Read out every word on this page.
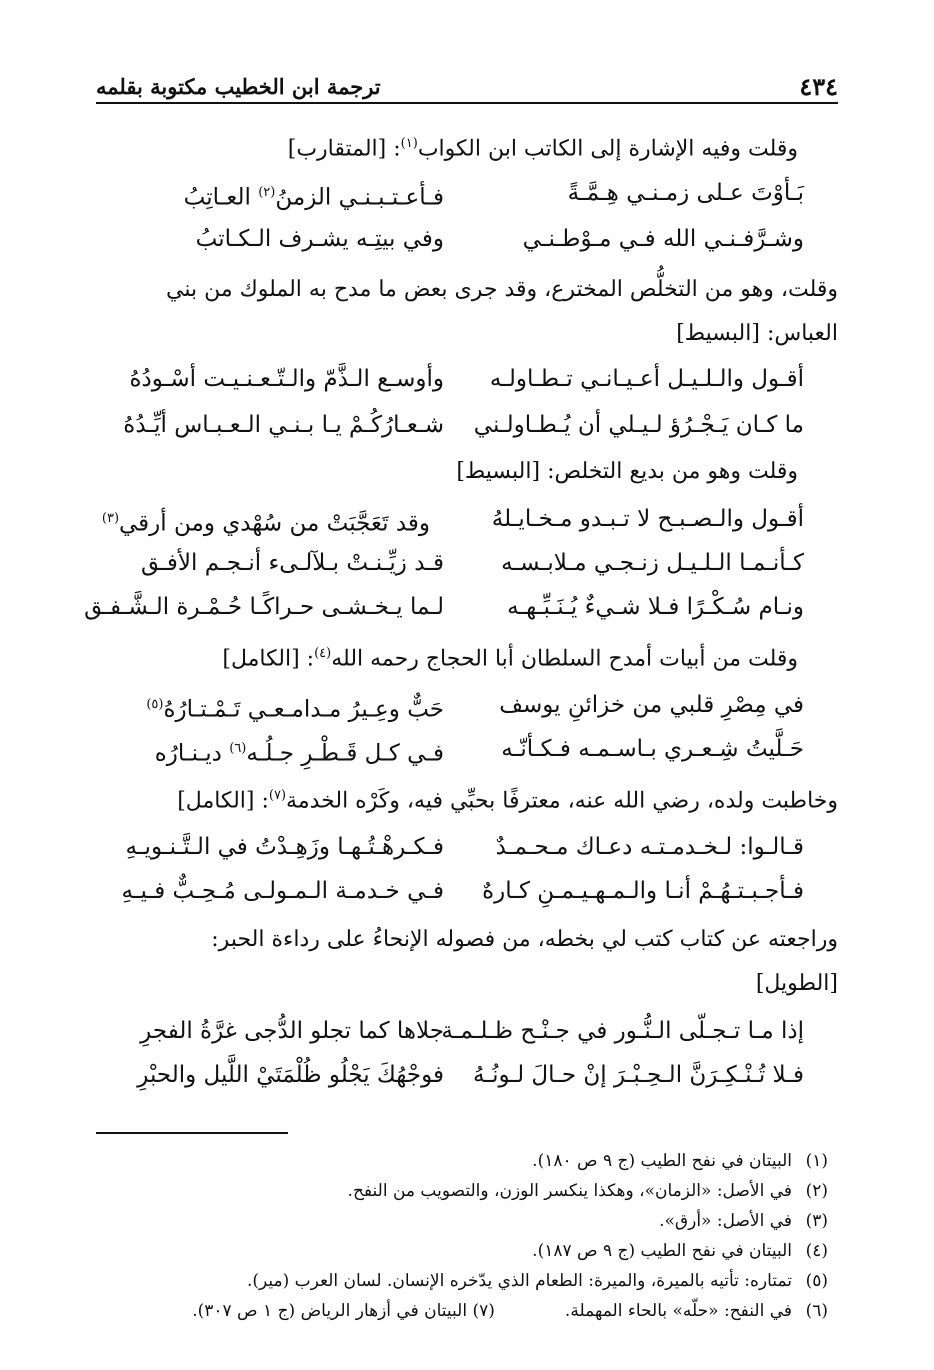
٤٣٤
ترجمة ابن الخطيب مكتوبة بقلمه

وقلت وفيه الإشارة إلى الكاتب ابن الكواب$^{(١)}$: [المتقارب]

بَـأوْتَ عـلى زمـنـي هِـمَّـةً
فـأعـتـبـنـي الزمنُ$^{(٢)}$ العـاتِبُ
وشـرَّفـنـي الله فـي مـوْطـنـي
وفي بيتِـه يشـرف الـكـاتبُ

وقلت، وهو من التخلُّص المخترع، وقد جرى بعض ما مدح به الملوك من بني
العباس: [البسيط]

أقـول والـلـيـل أعـيـانـي تـطـاولـه
وأوسـع الـذَّمّ والـتّـعـنـيـت أسْـودُهُ
ما كـان يَـجْـرُؤ لـيـلي أن يُـطـاولـني
شـعـارُكُـمْ يـا بـنـي الـعـبـاس أيِّـدُهُ

وقلت وهو من بديع التخلص: [البسيط]

أقـول والـصـبـح لا تـبـدو مـخـايـلهُ
وقد تَعَجَّبَتْ من سُهْدي ومن أرقي$^{(٣)}$
كـأنـمـا الـلـيـل زنـجـي مـلابـسـه
قـد زيِّـنـتْ بـلآلـىء أنـجـم الأفـق
ونـام سُـكْـرًا فـلا شـيءٌ يُـنَـبِّـهـه
لـما يـخـشـى حـراكًـا حُـمْـرة الـشَّـفـق

وقلت من أبيات أمدح السلطان أبا الحجاج رحمه الله$^{(٤)}$: [الكامل]

في مِصْرِ قلبي من خزائنِ يوسف
حَبٌّ وعِـيرُ مـدامـعـي تَـمْـتـارُهُ$^{(٥)}$
حَـلَّيتُ شِـعـري بـاسـمـه فـكـأنّـه
فـي كـل قَـطْـرِ جـلُـه$^{(٦)}$ ديـنـارُه

وخاطبت ولده، رضي الله عنه، معترفًا بحبِّي فيه، وكَرْه الخدمة$^{(٧)}$: [الكامل]

قـالـوا: لـخـدمـتـه دعـاك مـحـمـدٌ
فـكـرهْـتُـهـا وزَهِـدْتُ في الـتَّـنـويـهِ
فـأجـبـتـهُـمْ أنـا والـمـهـيـمـنِ كـارهٌ
فـي خـدمـة الـمـولـى مُـحِـبٌّ فـيـهِ

وراجعته عن كتاب كتب لي بخطه، من فصوله الإنحاءُ على رداءة الحبر:
[الطويل]

إذا مـا تـجـلّى الـنُّـور في جـنْـح ظـلـمـة
جلاها كما تجلو الدُّجى غرَّةُ الفجرِ
فـلا تُـنْـكِـرَنَّ الـحِـبْـرَ إنْ حـالَ لـونُـهُ
فوجْهُكَ يَجْلُو ظُلْمَتَيْ اللَّيل والحبْرِ
(١)البيتان في نفح الطيب (ج ٩ ص ١٨٠).
(٢)في الأصل: «الزمان»، وهكذا ينكسر الوزن، والتصويب من النفح.
(٣)في الأصل: «أرق».
(٤)البيتان في نفح الطيب (ج ٩ ص ١٨٧).
(٥)تمتاره: تأتيه بالميرة، والميرة: الطعام الذي يدّخره الإنسان. لسان العرب (مير).
(٦)في النفح: «حلّه» بالحاء المهملة.(٧) البيتان في أزهار الرياض (ج ١ ص ٣٠٧).
